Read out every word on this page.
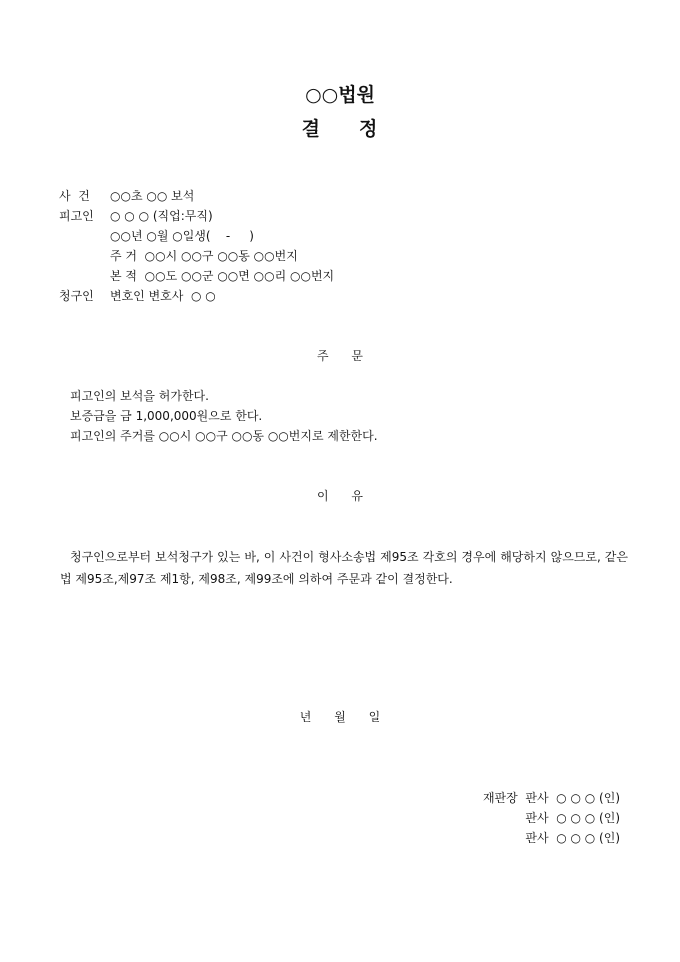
○○법원
결     정
사  건 ○○초 ○○ 보석
피고인 ○ ○ ○ (직업:무직)
○○년 ○월 ○일생(    -     )
주 거  ○○시 ○○구 ○○동 ○○번지
본 적  ○○도 ○○군 ○○면 ○○리 ○○번지
청구인 변호인 변호사  ○ ○
주      문
피고인의 보석을 허가한다.
보증금을 금 1,000,000원으로 한다.
피고인의 주거를 ○○시 ○○구 ○○동 ○○번지로 제한한다.
이      유
청구인으로부터 보석청구가 있는 바, 이 사건이 형사소송법 제95조 각호의 경우에 해당하지 않으므로, 같은 법 제95조,제97조 제1항, 제98조, 제99조에 의하여 주문과 같이 결정한다.
년      월      일
재판장  판사  ○ ○ ○ (인)
판사  ○ ○ ○ (인)
판사  ○ ○ ○ (인)
